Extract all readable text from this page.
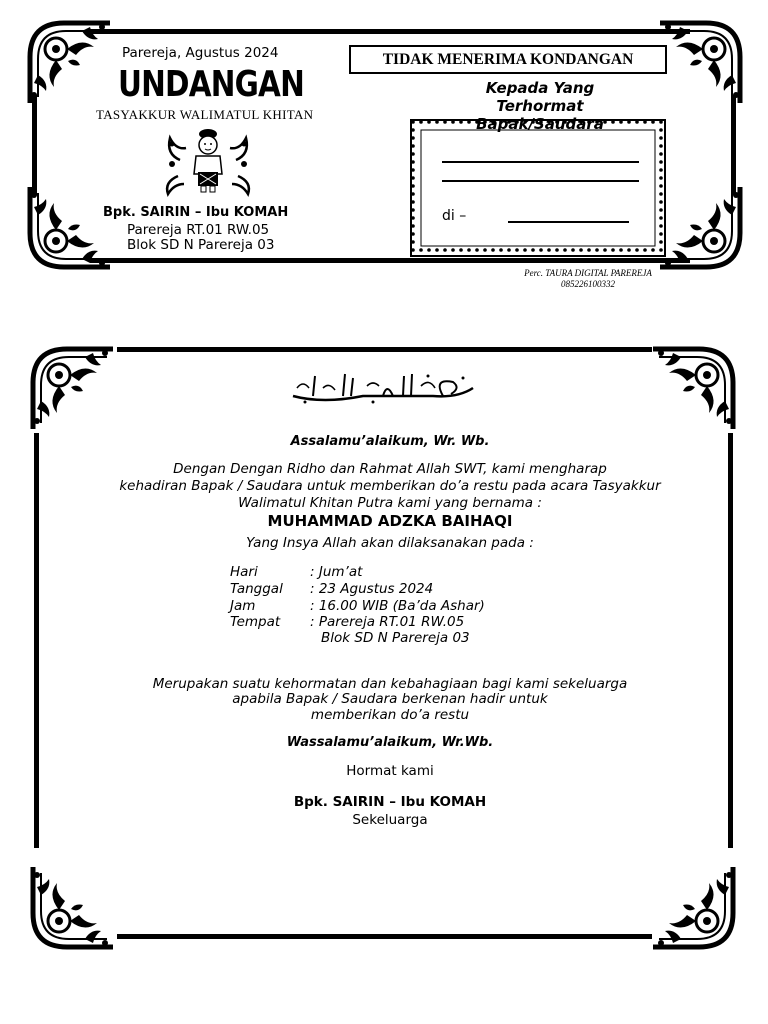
Parereja, Agustus 2024
UNDANGAN
TASYAKKUR WALIMATUL KHITAN
Bpk. SAIRIN – Ibu KOMAH
Parereja RT.01 RW.05
Blok SD N Parereja 03
TIDAK MENERIMA KONDANGAN
Kepada Yang
Terhormat
di –
Perc. TAURA DIGITAL PAREREJA
085226100332
Assalamu’alaikum, Wr. Wb.
Dengan Dengan Ridho dan Rahmat Allah SWT, kami mengharap
kehadiran Bapak / Saudara untuk memberikan do’a restu pada acara Tasyakkur
Walimatul Khitan Putra kami yang bernama :
MUHAMMAD ADZKA BAIHAQI
Yang Insya Allah akan dilaksanakan pada :
Hari	: Jum’at
Tanggal : 23 Agustus 2024
Jam	: 16.00 WIB (Ba’da Ashar)
Tempat : Parereja RT.01 RW.05
Blok SD N Parereja 03
Merupakan suatu kehormatan dan kebahagiaan bagi kami sekeluarga
apabila Bapak / Saudara berkenan hadir untuk
memberikan do’a restu
Wassalamu’alaikum, Wr.Wb.
Hormat kami
Bpk. SAIRIN – Ibu KOMAH
Sekeluarga
